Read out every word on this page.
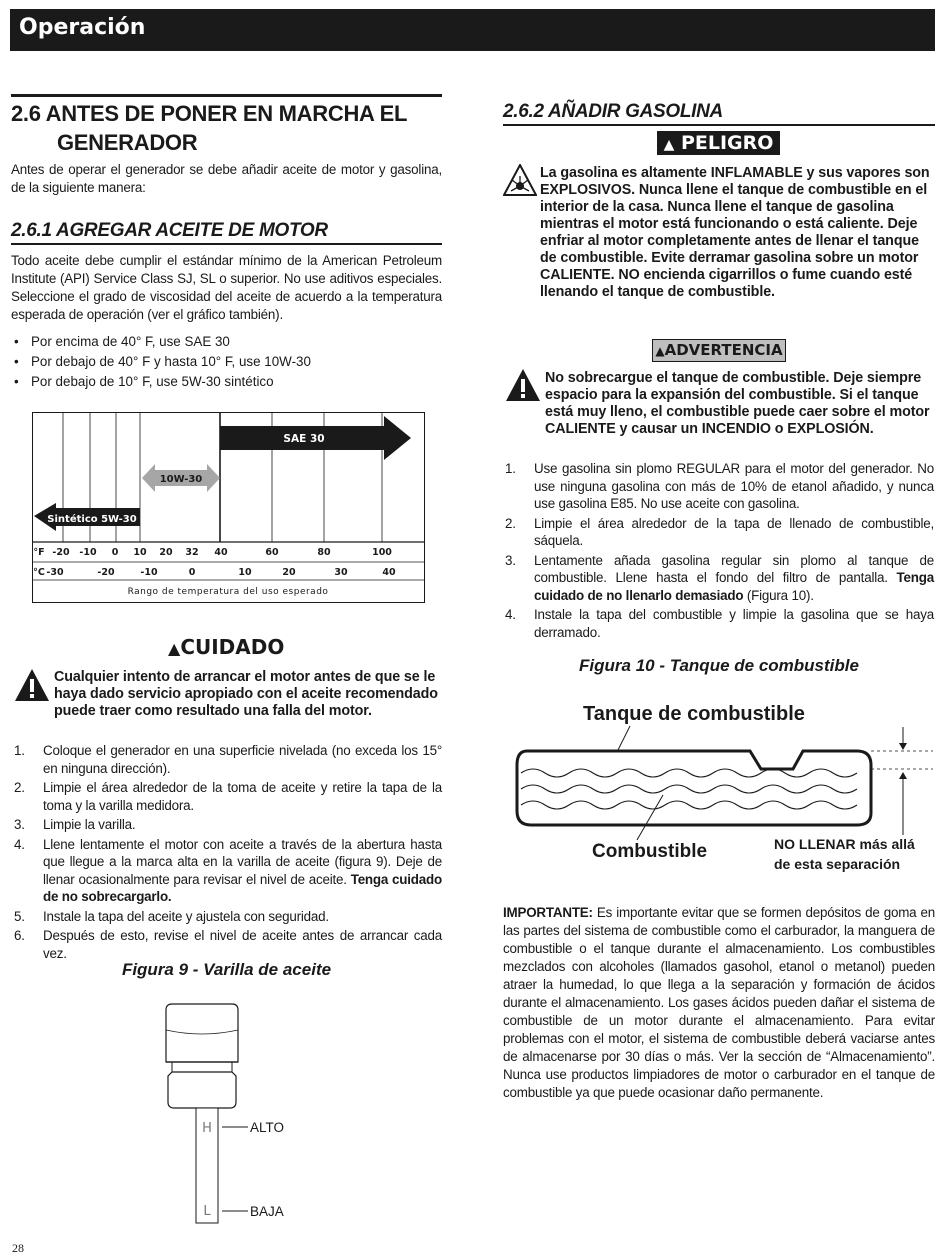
Operación
2.6 ANTES DE PONER EN MARCHA EL
GENERADOR
Antes de operar el generador se debe añadir aceite de motor y gasolina, de la siguiente manera:
2.6.1 AGREGAR ACEITE DE MOTOR
Todo aceite debe cumplir el estándar mínimo de la American Petroleum Institute (API) Service Class SJ, SL o superior. No use aditivos especiales. Seleccione el grado de viscosidad del aceite de acuerdo a la temperatura esperada de operación (ver el gráfico también).
• Por encima de 40° F, use SAE 30
• Por debajo de 40° F y hasta 10° F, use 10W-30
• Por debajo de 10° F, use 5W-30 sintético
SAE 30
10W-30
Sintético 5W-30
°F -20 -10 0 10 20 32 40	60	80	100
°C -30	-20	-10	0	10	20	30	40
Rango de temperatura del uso esperado
▲CUIDADO
Cualquier intento de arrancar el motor antes de que se le haya dado servicio apropiado con el aceite recomendado puede traer como resultado una falla del motor.
1. Coloque el generador en una superficie nivelada (no exceda los 15° en ninguna dirección).
2. Limpie el área alrededor de la toma de aceite y retire la tapa de la toma y la varilla medidora.
3. Limpie la varilla.
4. Llene lentamente el motor con aceite a través de la abertura hasta que llegue a la marca alta en la varilla de aceite (figura 9). Deje de llenar ocasionalmente para revisar el nivel de aceite. Tenga cuidado de no sobrecargarlo.
5. Instale la tapa del aceite y ajustela con seguridad.
6. Después de esto, revise el nivel de aceite antes de arrancar cada vez.
Figura 9 - Varilla de aceite
H
L
ALTO
BAJA
28
2.6.2 AÑADIR GASOLINA
▲ PELIGRO
La gasolina es altamente INFLAMABLE y sus vapores son EXPLOSIVOS. Nunca llene el tanque de combustible en el interior de la casa. Nunca llene el tanque de gasolina mientras el motor está funcionando o está caliente. Deje enfriar al motor completamente antes de llenar el tanque de combustible. Evite derramar gasolina sobre un motor CALIENTE. NO encienda cigarrillos o fume cuando esté llenando el tanque de combustible.
▲ADVERTENCIA
No sobrecargue el tanque de combustible. Deje siempre espacio para la expansión del combustible. Si el tanque está muy lleno, el combustible puede caer sobre el motor CALIENTE y causar un INCENDIO o EXPLOSIÓN.
1. Use gasolina sin plomo REGULAR para el motor del generador. No use ninguna gasolina con más de 10% de etanol añadido, y nunca use gasolina E85. No use aceite con gasolina.
2. Limpie el área alrededor de la tapa de llenado de combustible, sáquela.
3. Lentamente añada gasolina regular sin plomo al tanque de combustible. Llene hasta el fondo del filtro de pantalla. Tenga cuidado de no llenarlo demasiado (Figura 10).
4. Instale la tapa del combustible y limpie la gasolina que se haya derramado.
Figura 10 - Tanque de combustible
Tanque de combustible
Combustible	NO LLENAR más allá
de esta separación
IMPORTANTE: Es importante evitar que se formen depósitos de goma en las partes del sistema de combustible como el carburador, la manguera de combustible o el tanque durante el almacenamiento. Los combustibles mezclados con alcoholes (llamados gasohol, etanol o metanol) pueden atraer la humedad, lo que llega a la separación y formación de ácidos durante el almacenamiento. Los gases ácidos pueden dañar el sistema de combustible de un motor durante el almacenamiento. Para evitar problemas con el motor, el sistema de combustible deberá vaciarse antes de almacenarse por 30 días o más. Ver la sección de “Almacenamiento”. Nunca use productos limpiadores de motor o carburador en el tanque de combustible ya que puede ocasionar daño permanente.
